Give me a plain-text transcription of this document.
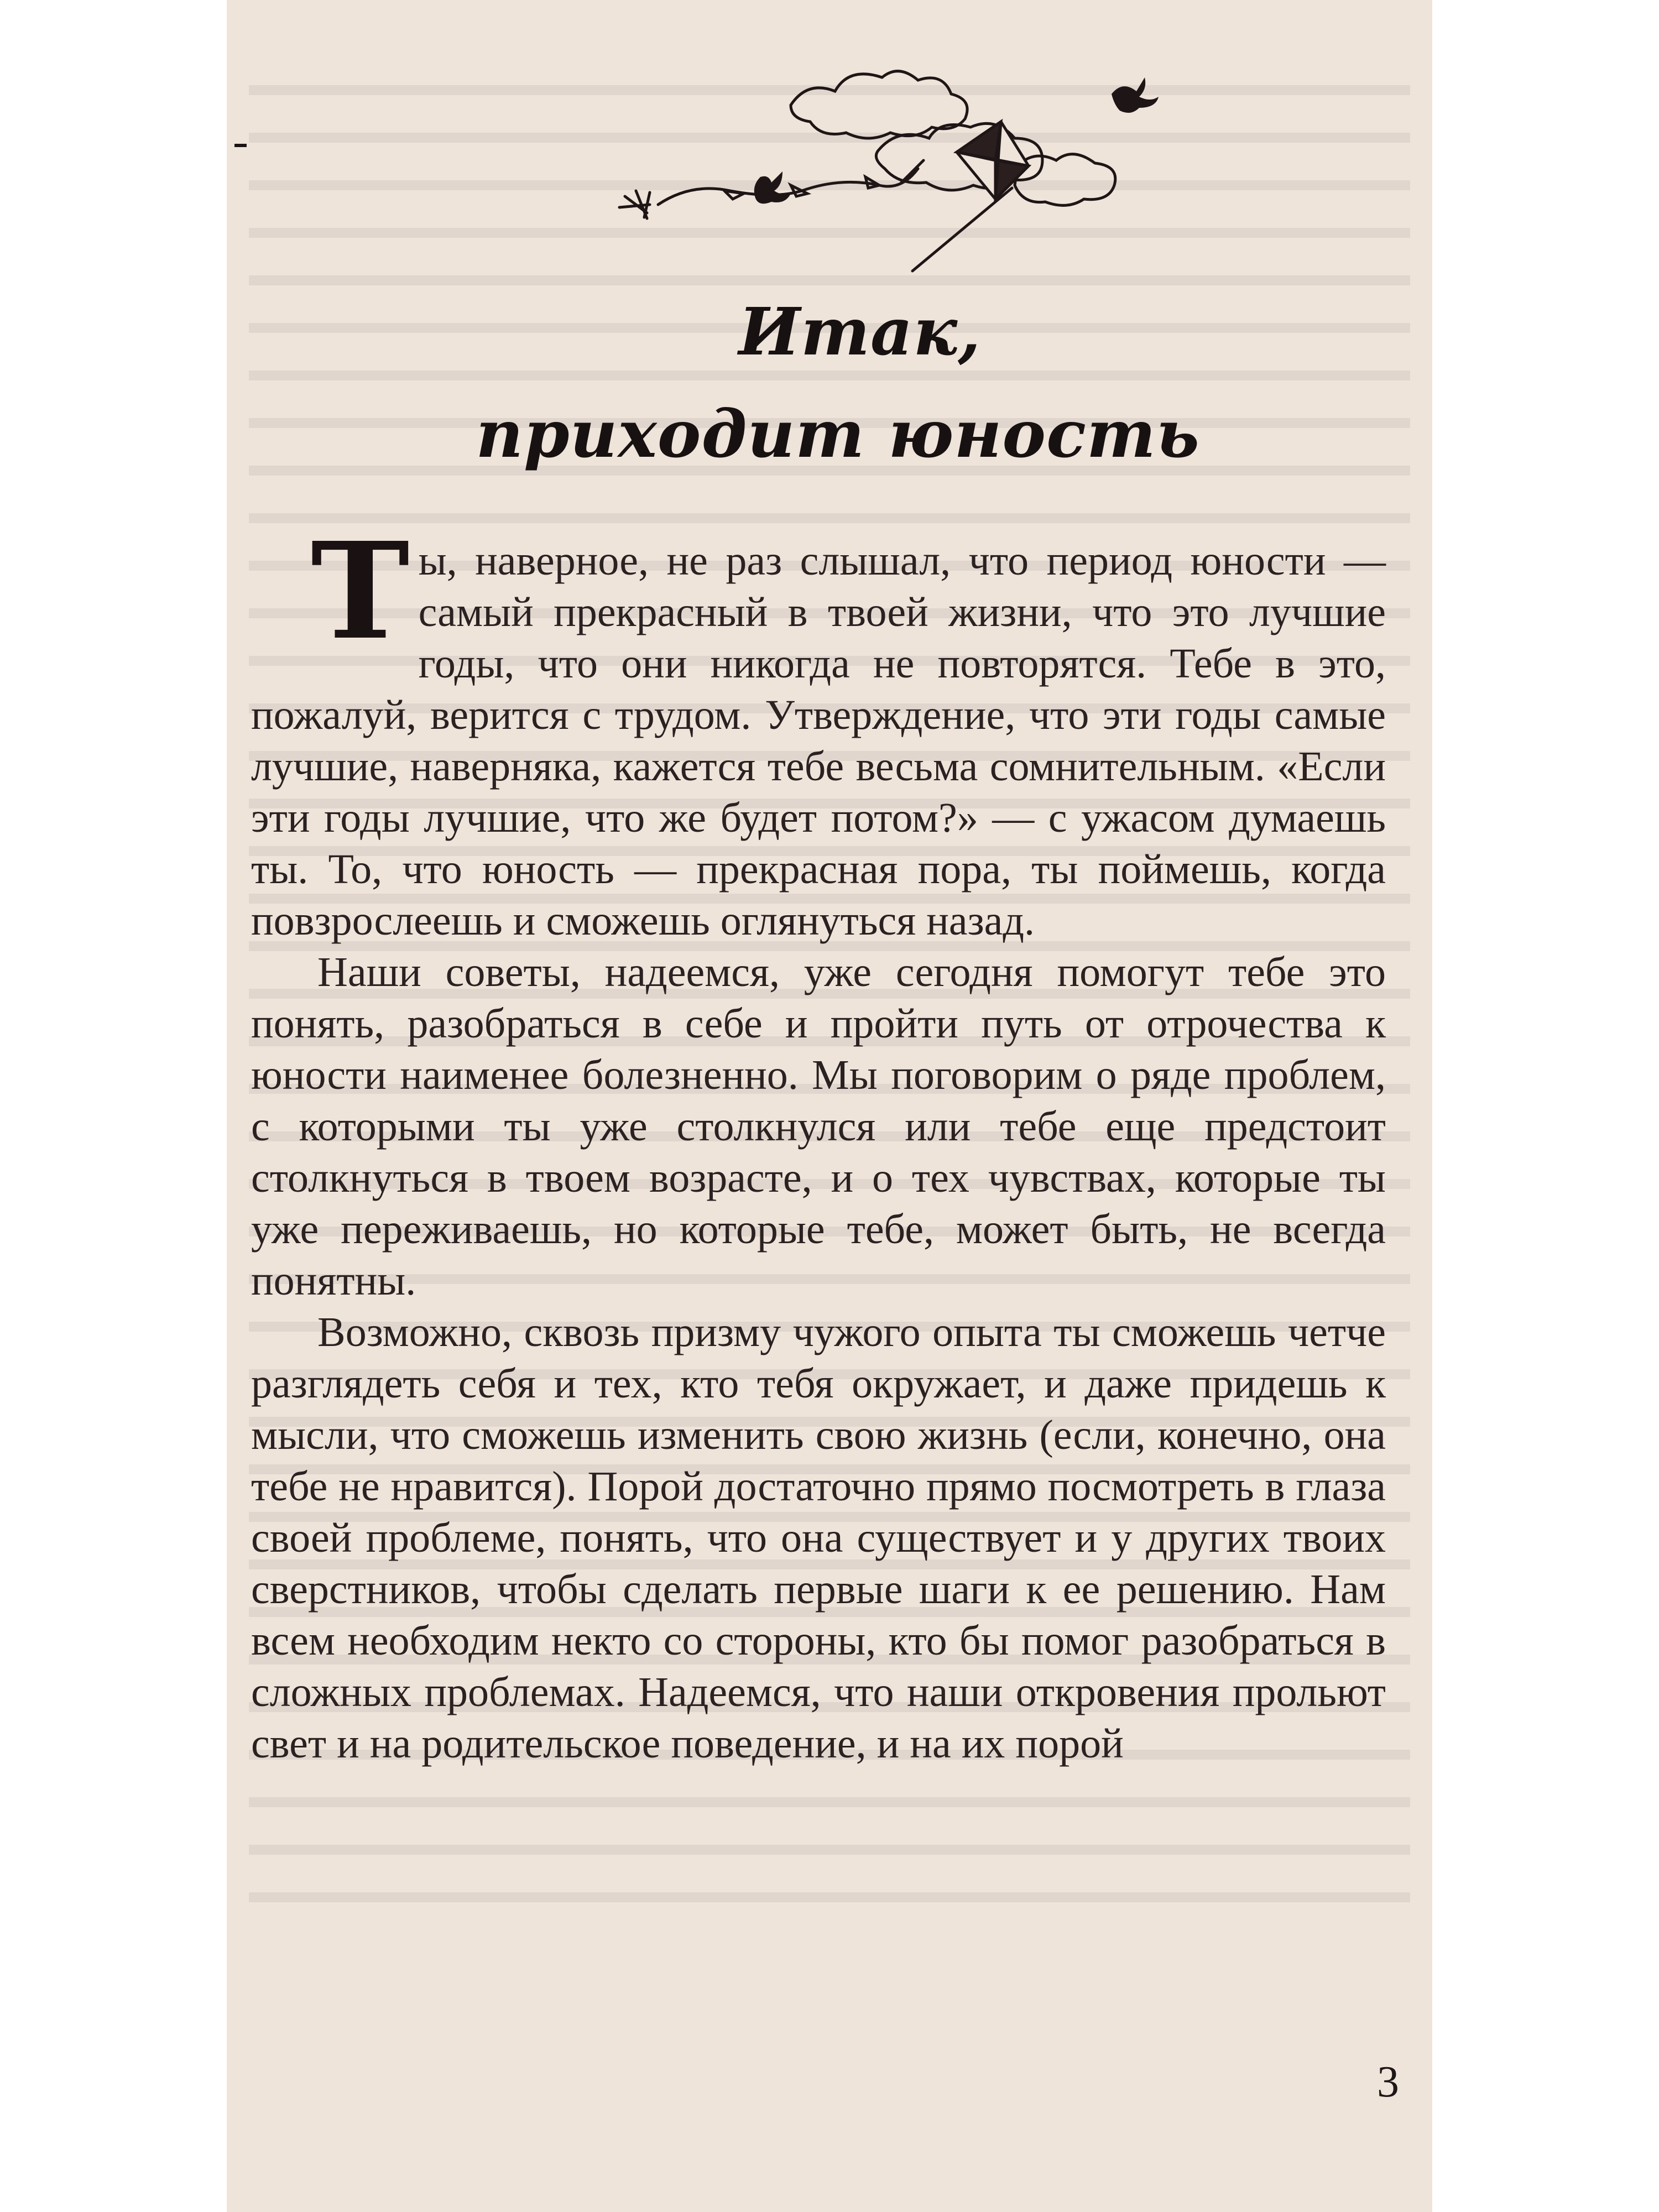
Итак,
приходит юность

Ты, наверное, не раз слышал, что период юности — самый прекрасный в твоей жизни, что это лучшие годы, что они никогда не повторятся. Тебе в это, пожалуй, верится с трудом. Утверждение, что эти годы самые лучшие, наверняка, кажется тебе весьма сомнительным. «Если эти годы лучшие, что же будет потом?» — с ужасом думаешь ты. То, что юность — прекрасная пора, ты поймешь, когда повзрослеешь и сможешь оглянуться назад.

Наши советы, надеемся, уже сегодня помогут тебе это понять, разобраться в себе и пройти путь от отрочества к юности наименее болезненно. Мы поговорим о ряде проблем, с которыми ты уже столкнулся или тебе еще предстоит столкнуться в твоем возрасте, и о тех чувствах, которые ты уже переживаешь, но которые тебе, может быть, не всегда понятны.

Возможно, сквозь призму чужого опыта ты сможешь четче разглядеть себя и тех, кто тебя окружает, и даже придешь к мысли, что сможешь изменить свою жизнь (если, конечно, она тебе не нравится). Порой достаточно прямо посмотреть в глаза своей проблеме, понять, что она существует и у других твоих сверстников, чтобы сделать первые шаги к ее решению. Нам всем необходим некто со стороны, кто бы помог разобраться в сложных проблемах. Надеемся, что наши откровения прольют свет и на родительское поведение, и на их порой

3
